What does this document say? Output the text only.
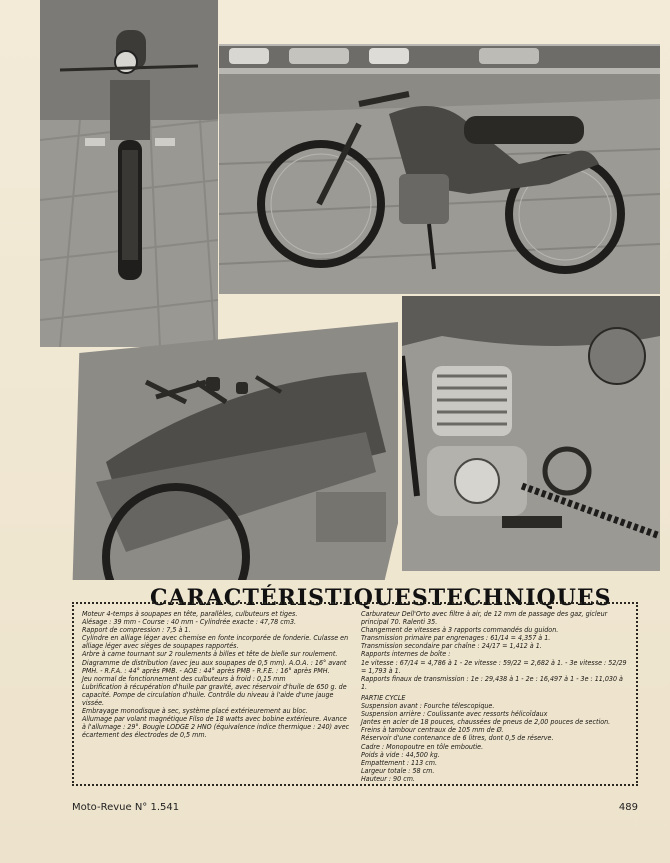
CARACTÉRISTIQUES TECHNIQUES

Moteur 4-temps à soupapes en tête, parallèles, culbuteurs et tiges.

Alésage : 39 mm - Course : 40 mm - Cylindrée exacte : 47,78 cm3.

Rapport de compression : 7,5 à 1.

Cylindre en alliage léger avec chemise en fonte incorporée de fonderie. Culasse en alliage léger avec sièges de soupapes rapportés.

Arbre à came tournant sur 2 roulements à billes et tête de bielle sur roulement.

Diagramme de distribution (avec jeu aux soupapes de 0,5 mm). A.O.A. : 16° avant PMH. - R.F.A. : 44° après PMB. - AOE : 44° après PMB - R.F.E. : 16° après PMH.

Jeu normal de fonctionnement des culbuteurs à froid : 0,15 mm

Lubrification à récupération d'huile par gravité, avec réservoir d'huile de 650 g. de capacité. Pompe de circulation d'huile. Contrôle du niveau à l'aide d'une jauge vissée.

Embrayage monodisque à sec, système placé extérieurement au bloc.

Allumage par volant magnétique Filso de 18 watts avec bobine extérieure. Avance à l'allumage : 29°. Bougie LODGE 2 HNO (équivalence indice thermique : 240) avec écartement des électrodes de 0,5 mm.

Carburateur Dell'Orto avec filtre à air, de 12 mm de passage des gaz, gicleur principal 70. Ralenti 35.

Changement de vitesses à 3 rapports commandés du guidon.

Transmission primaire par engrenages : 61/14 = 4,357 à 1.

Transmission secondaire par chaîne : 24/17 = 1,412 à 1.

Rapports internes de boîte :

1e vitesse : 67/14 = 4,786 à 1 - 2e vitesse : 59/22 = 2,682 à 1. - 3e vitesse : 52/29 = 1,793 à 1.

Rapports finaux de transmission : 1e : 29,438 à 1 - 2e : 16,497 à 1 - 3e : 11,030 à 1.

PARTIE CYCLE

Suspension avant : Fourche télescopique.

Suspension arrière : Coulissante avec ressorts hélicoïdaux

Jantes en acier de 18 pouces, chaussées de pneus de 2,00 pouces de section.

Freins à tambour centraux de 105 mm de Ø.

Réservoir d'une contenance de 6 litres, dont 0,5 de réserve.

Cadre : Monopoutre en tôle emboutie.

Poids à vide : 44,500 kg.

Empattement : 113 cm.

Largeur totale : 58 cm.

Hauteur : 90 cm.

Moto-Revue N° 1.541	489
